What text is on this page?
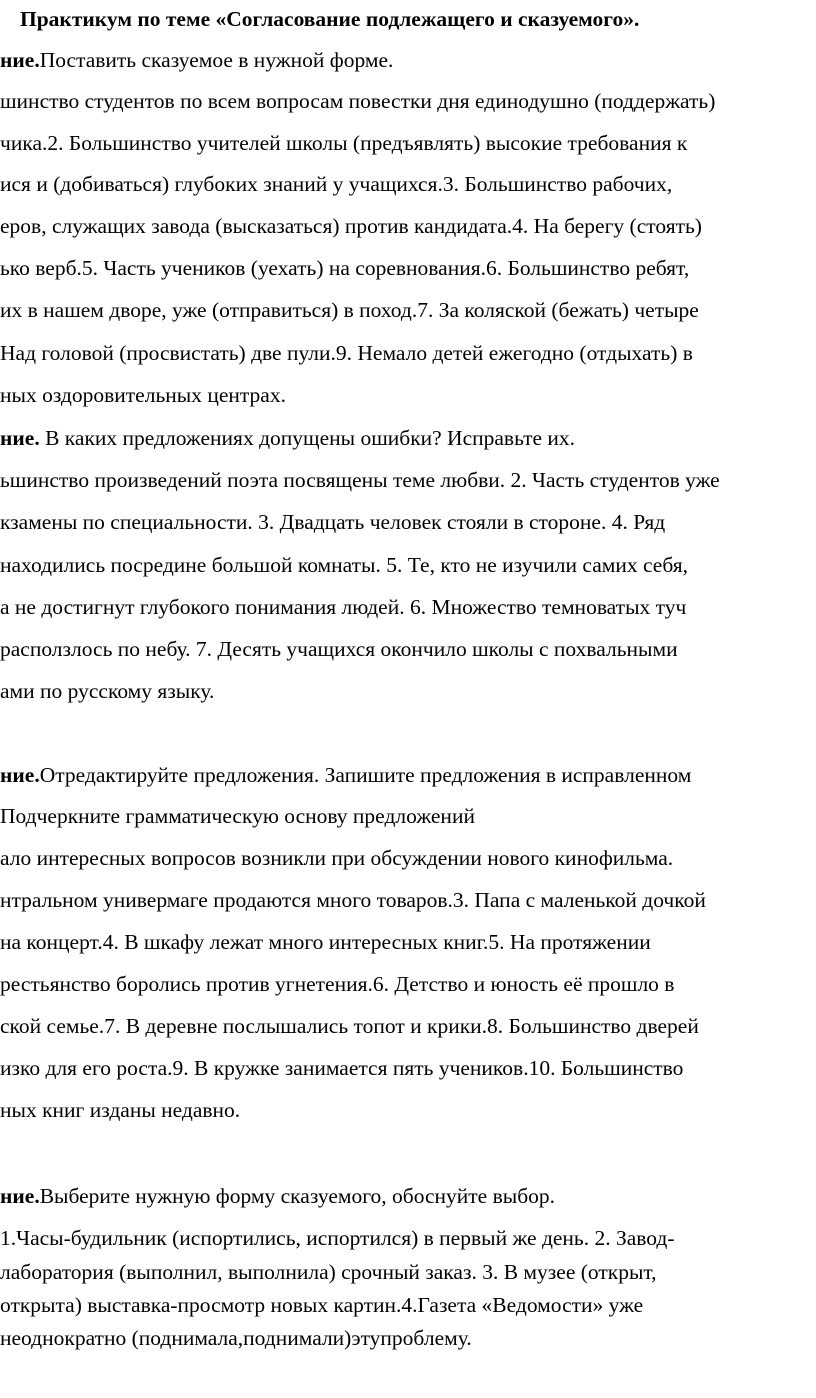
Практикум по теме «Согласование подлежащего и сказуемого».
ние.Поставить сказуемое в нужной форме.
шинство студентов по всем вопросам повестки дня единодушно (поддержать)
чика.2. Большинство учителей школы (предъявлять) высокие требования к
ися и (добиваться) глубоких знаний у учащихся.3. Большинство рабочих,
еров, служащих завода (высказаться) против кандидата.4. На берегу (стоять)
ько верб.5. Часть учеников (уехать) на соревнования.6. Большинство ребят,
их в нашем дворе, уже (отправиться) в поход.7. За коляской (бежать) четыре
Над головой (просвистать) две пули.9. Немало детей ежегодно (отдыхать) в
ных оздоровительных центрах.
ние. В каких предложениях допущены ошибки? Исправьте их.
ьшинство произведений поэта посвящены теме любви. 2. Часть студентов уже
кзамены по специальности. 3. Двадцать человек стояли в стороне. 4. Ряд
находились посредине большой комнаты. 5. Те, кто не изучили самих себя,
а не достигнут глубокого понимания людей. 6. Множество темноватых туч
расползлось по небу. 7. Десять учащихся окончило школы с похвальными
ами по русскому языку.
ние.Отредактируйте предложения. Запишите предложения в исправленном
Подчеркните грамматическую основу предложений
ало интересных вопросов возникли при обсуждении нового кинофильма.
нтральном универмаге продаются много товаров.3. Папа с маленькой дочкой
на концерт.4. В шкафу лежат много интересных книг.5. На протяжении
рестьянство боролись против угнетения.6. Детство и юность её прошло в
ской семье.7. В деревне послышались топот и крики.8. Большинство дверей
изко для его роста.9. В кружке занимается пять учеников.10. Большинство
ных книг изданы недавно.
ние.Выберите нужную форму сказуемого, обоснуйте выбор.
1.Часы-будильник (испортились, испортился) в первый же день. 2. Завод-
лаборатория (выполнил, выполнила) срочный заказ. 3. В музее (открыт,
открыта) выставка-просмотр новых картин.4.Газета «Ведомости» уже
неоднократно (поднимала,поднимали)этупроблему.
